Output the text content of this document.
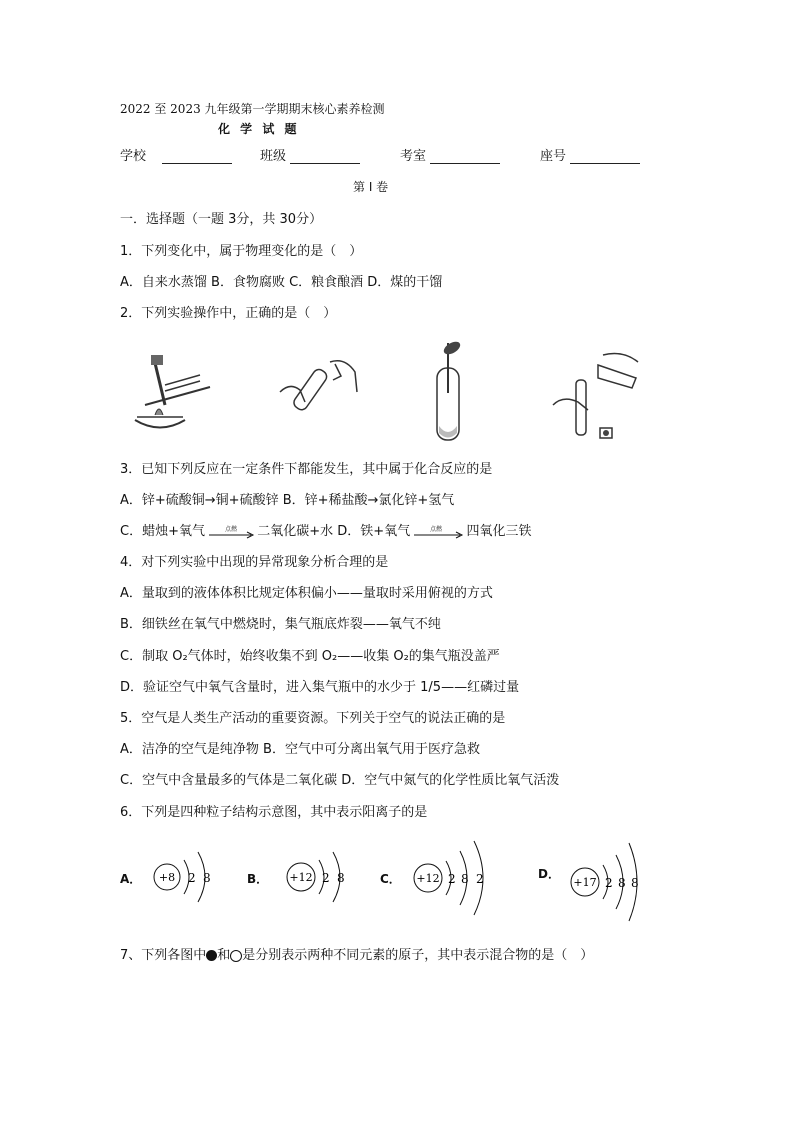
2022 至 2023 九年级第一学期期末核心素养检测
化 学 试 题
学校	班级	考室	座号
第 Ⅰ 卷
一．选择题（一题 3分，共 30分）
1．下列变化中，属于物理变化的是（　）
A．自来水蒸馏 B．食物腐败 C．粮食酿酒 D．煤的干馏
2．下列实验操作中，正确的是（　）
3．已知下列反应在一定条件下都能发生，其中属于化合反应的是
A．锌+硫酸铜→铜+硫酸锌 B．锌+稀盐酸→氯化锌+氢气
C．蜡烛+氧气	点燃 二氧化碳+水 D．铁+氧气	点燃 四氧化三铁
4．对下列实验中出现的异常现象分析合理的是
A．量取到的液体体积比规定体积偏小——量取时采用俯视的方式
B．细铁丝在氧气中燃烧时，集气瓶底炸裂——氧气不纯
C．制取 O₂气体时，始终收集不到 O₂——收集 O₂的集气瓶没盖严
D．验证空气中氧气含量时，进入集气瓶中的水少于 1/5——红磷过量
5．空气是人类生产活动的重要资源。下列关于空气的说法正确的是
A．洁净的空气是纯净物 B．空气中可分离出氧气用于医疗急救
C．空气中含量最多的气体是二氧化碳 D．空气中氮气的化学性质比氧气活泼
6．下列是四种粒子结构示意图，其中表示阳离子的是
A． +8 2 8	B． +12 2 8	C． +12 2 8 2	D．
+17 2 8 8
7、下列各图中 和 是分别表示两种不同元素的原子，其中表示混合物的是（　）
